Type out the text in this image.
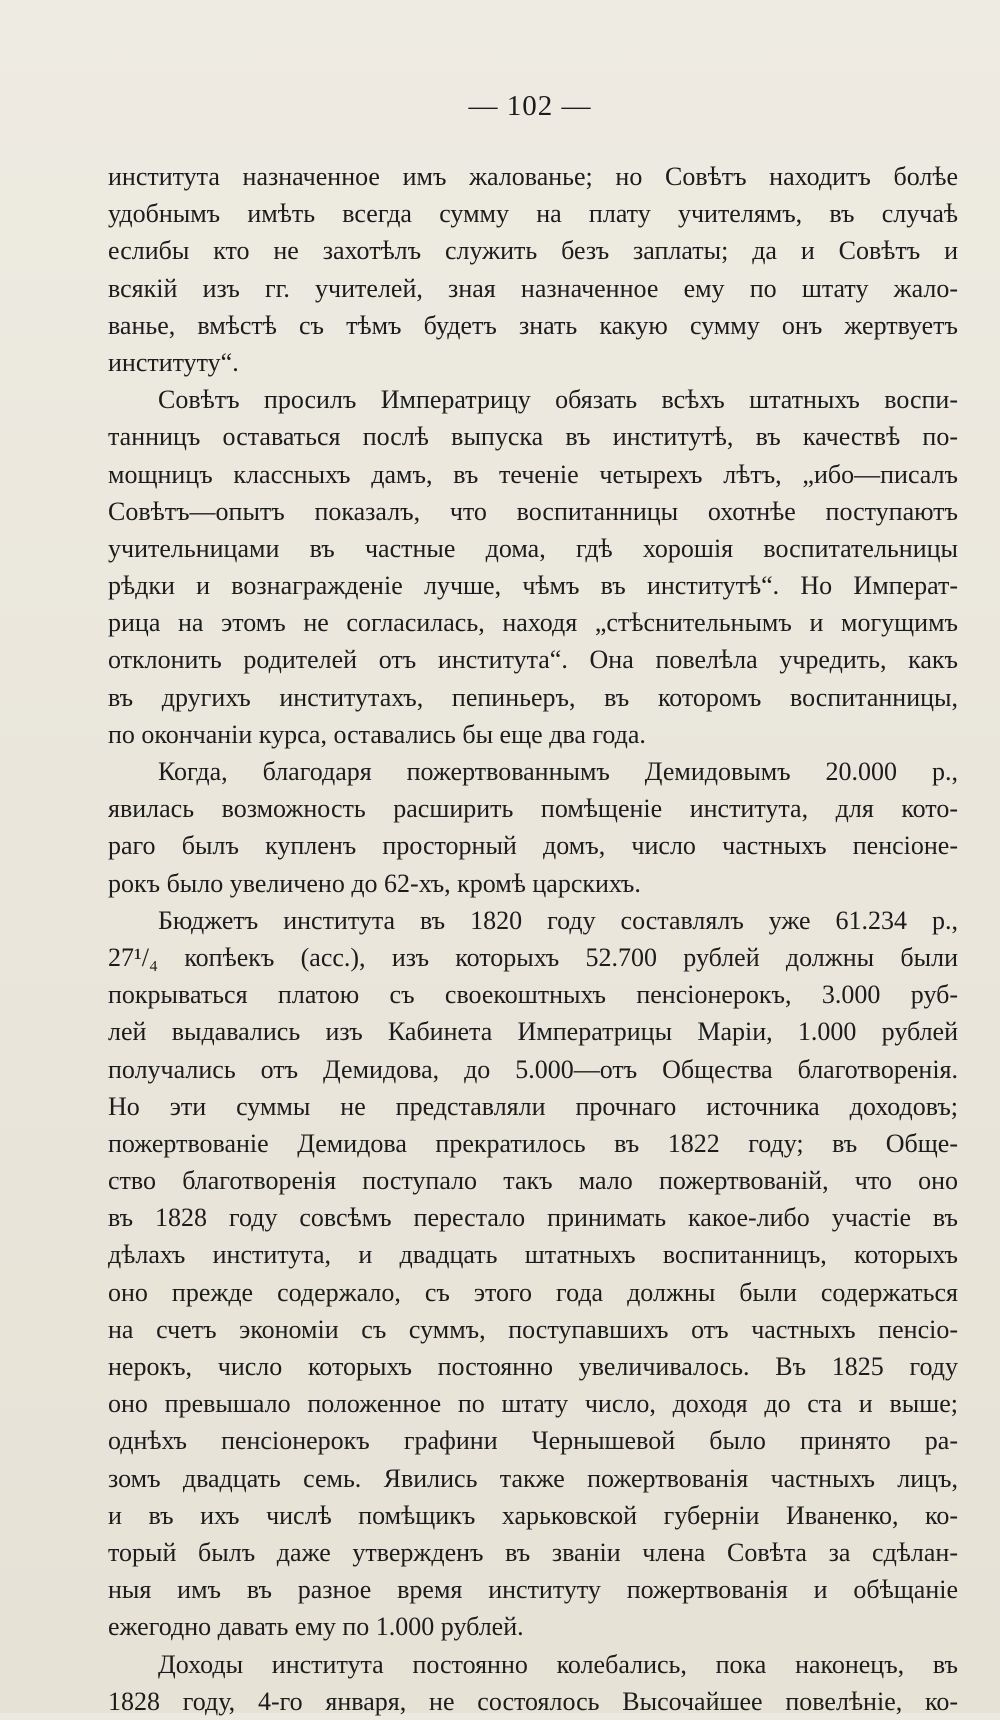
— 102 —
института назначенное имъ жалованье; но Совѣтъ находитъ болѣе
удобнымъ имѣть всегда сумму на плату учителямъ, въ случаѣ
еслибы кто не захотѣлъ служить безъ заплаты; да и Совѣтъ и
всякій изъ гг. учителей, зная назначенное ему по штату жало-
ванье, вмѣстѣ съ тѣмъ будетъ знать какую сумму онъ жертвуетъ
институту“.
Совѣтъ просилъ Императрицу обязать всѣхъ штатныхъ воспи-
танницъ оставаться послѣ выпуска въ институтѣ, въ качествѣ по-
мощницъ классныхъ дамъ, въ теченіе четырехъ лѣтъ, „ибо—писалъ
Совѣтъ—опытъ показалъ, что воспитанницы охотнѣе поступаютъ
учительницами въ частные дома, гдѣ хорошія воспитательницы
рѣдки и вознагражденіе лучше, чѣмъ въ институтѣ“. Но Императ-
рица на этомъ не согласилась, находя „стѣснительнымъ и могущимъ
отклонить родителей отъ института“. Она повелѣла учредить, какъ
въ другихъ институтахъ, пепиньеръ, въ которомъ воспитанницы,
по окончаніи курса, оставались бы еще два года.
Когда, благодаря пожертвованнымъ Демидовымъ 20.000 р.,
явилась возможность расширить помѣщеніе института, для кото-
раго былъ купленъ просторный домъ, число частныхъ пенсіоне-
рокъ было увеличено до 62-хъ, кромѣ царскихъ.
Бюджетъ института въ 1820 году составлялъ уже 61.234 р.,
27¹/₄ копѣекъ (асс.), изъ которыхъ 52.700 рублей должны были
покрываться платою съ своекоштныхъ пенсіонерокъ, 3.000 руб-
лей выдавались изъ Кабинета Императрицы Маріи, 1.000 рублей
получались отъ Демидова, до 5.000—отъ Общества благотворенія.
Но эти суммы не представляли прочнаго источника доходовъ;
пожертвованіе Демидова прекратилось въ 1822 году; въ Обще-
ство благотворенія поступало такъ мало пожертвованій, что оно
въ 1828 году совсѣмъ перестало принимать какое-либо участіе въ
дѣлахъ института, и двадцать штатныхъ воспитанницъ, которыхъ
оно прежде содержало, съ этого года должны были содержаться
на счетъ экономіи съ суммъ, поступавшихъ отъ частныхъ пенсіо-
нерокъ, число которыхъ постоянно увеличивалось. Въ 1825 году
оно превышало положенное по штату число, доходя до ста и выше;
однѣхъ пенсіонерокъ графини Чернышевой было принято ра-
зомъ двадцать семь. Явились также пожертвованія частныхъ лицъ,
и въ ихъ числѣ помѣщикъ харьковской губерніи Иваненко, ко-
торый былъ даже утвержденъ въ званіи члена Совѣта за сдѣлан-
ныя имъ въ разное время институту пожертвованія и обѣщаніе
ежегодно давать ему по 1.000 рублей.
Доходы института постоянно колебались, пока наконецъ, въ
1828 году, 4-го января, не состоялось Высочайшее повелѣніе, ко-
